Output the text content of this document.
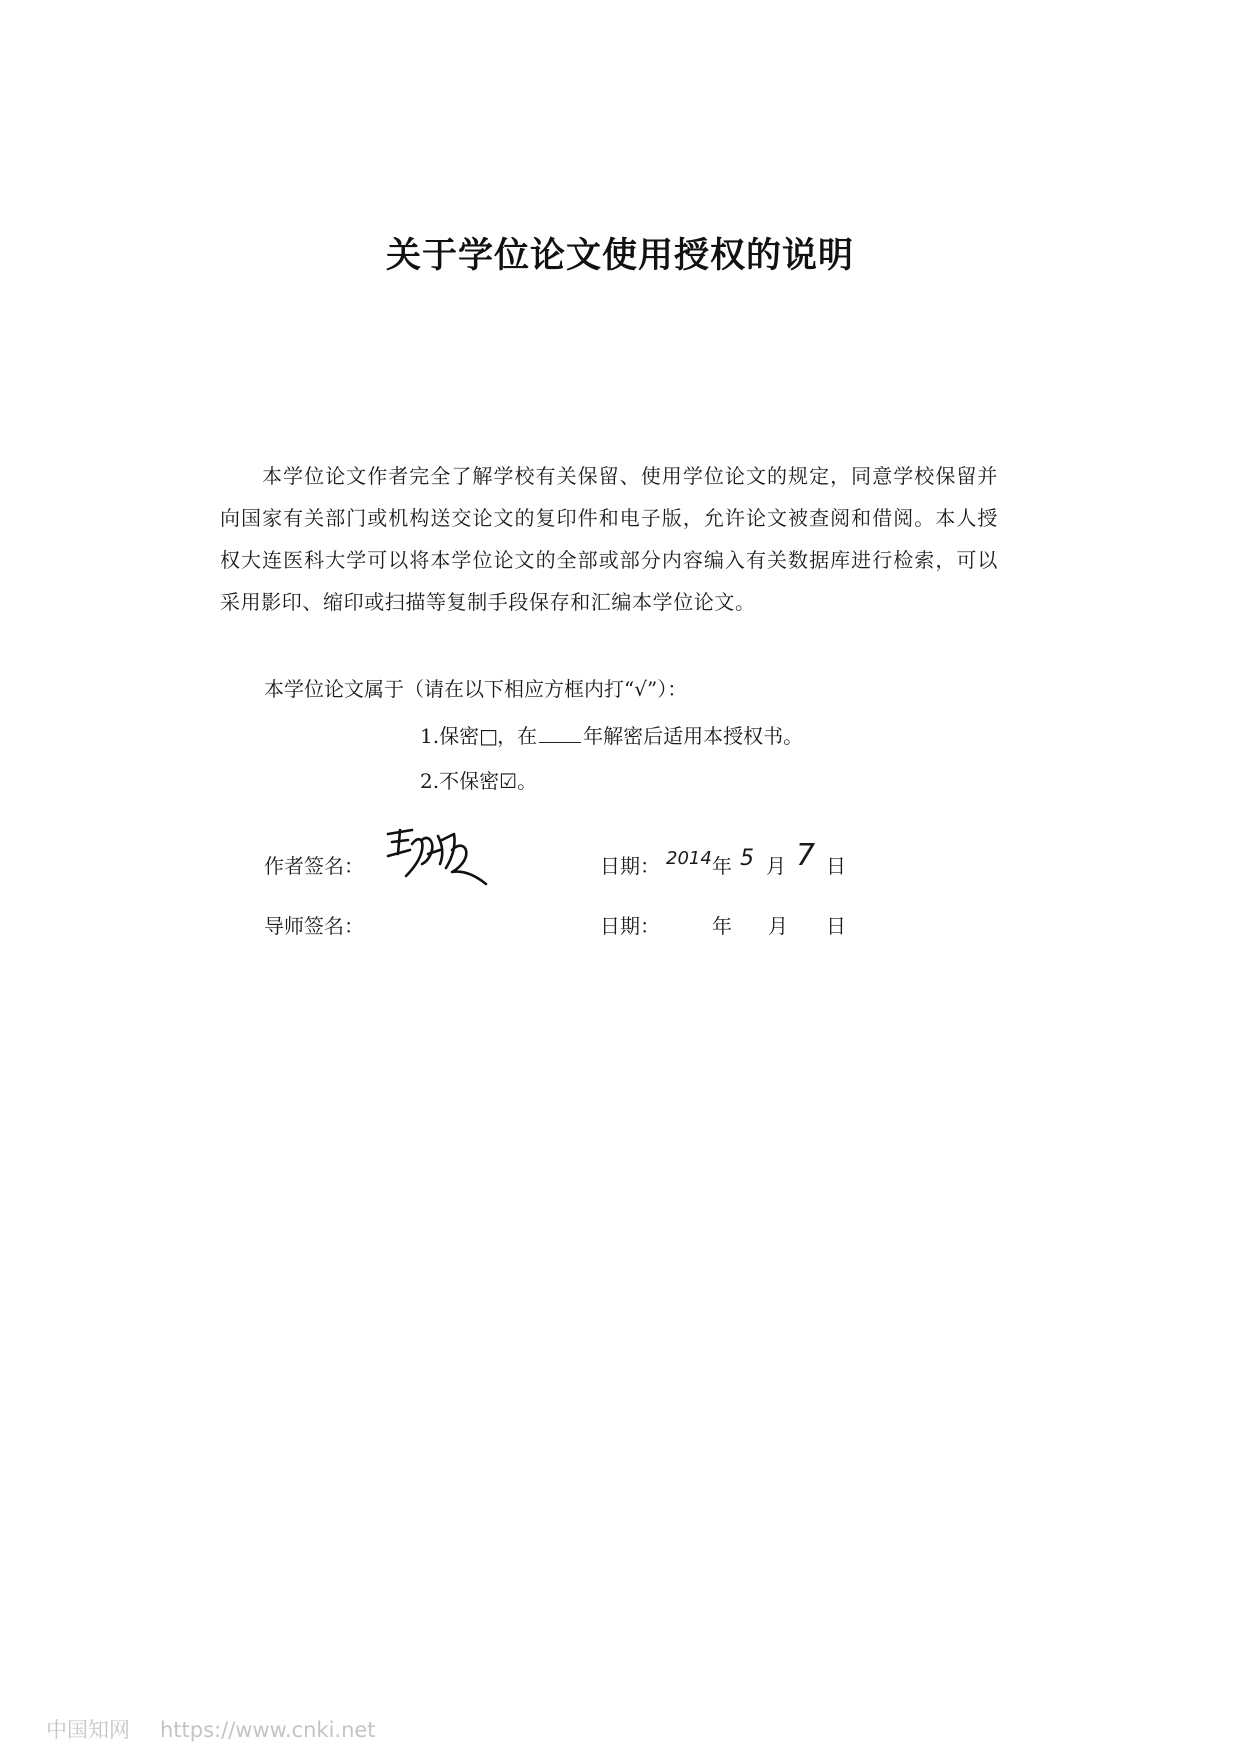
关于学位论文使用授权的说明

本学位论文作者完全了解学校有关保留、使用学位论文的规定，同意学校保留并向国家有关部门或机构送交论文的复印件和电子版，允许论文被查阅和借阅。本人授权大连医科大学可以将本学位论文的全部或部分内容编入有关数据库进行检索，可以采用影印、缩印或扫描等复制手段保存和汇编本学位论文。

本学位论文属于（请在以下相应方框内打“√”）：
1.保密□，在 年解密后适用本授权书。
2.不保密☑。
作者签名：	日期： 2014 年 5 月 7 日
导师签名：	日期：	年 月 日
中国知网 https://www.cnki.net
